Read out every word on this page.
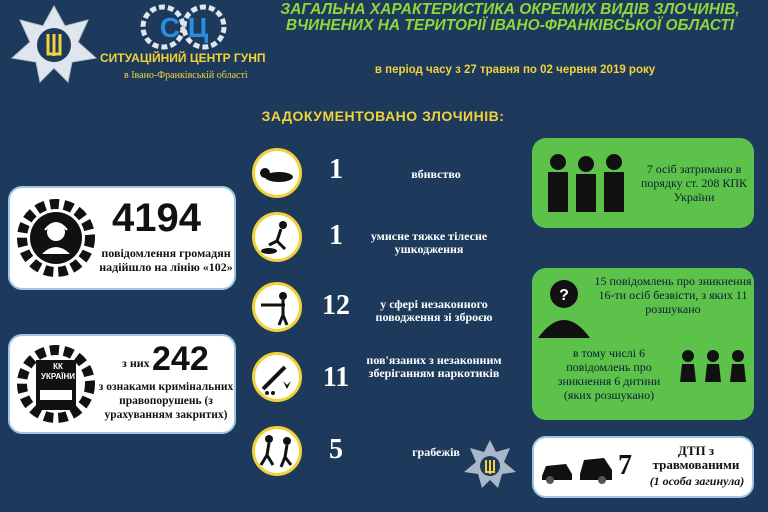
С Ц
СИТУАЦІЙНИЙ ЦЕНТР ГУНП
в Івано-Франківській області
ЗАГАЛЬНА ХАРАКТЕРИСТИКА ОКРЕМИХ ВИДІВ ЗЛОЧИНІВ, ВЧИНЕНИХ НА ТЕРИТОРІЇ ІВАНО-ФРАНКІВСЬКОЇ ОБЛАСТІ
в період часу з 27 травня по 02 червня 2019 року
ЗАДОКУМЕНТОВАНО ЗЛОЧИНІВ:
4194
повідомлення громадян надійшло на лінію «102»
КК УКРАЇНИ
з них 242
з ознаками кримінальних правопорушень (з урахуванням закритих)
1	вбивство
1	умисне тяжке тілесне ушкодження
12	у сфері незаконного поводження зі зброєю
11
пов'язаних з незаконним зберіганням наркотиків
5	грабежів
7 осіб затримано в порядку ст. 208 КПК України
?
15 повідомлень про зникнення 16-ти осіб безвісти, з яких 11 розшукано
в тому числі 6 повідомлень про зникнення 6 дитини (яких розшукано)
7	ДТП з травмованими
(1 особа загинула)
